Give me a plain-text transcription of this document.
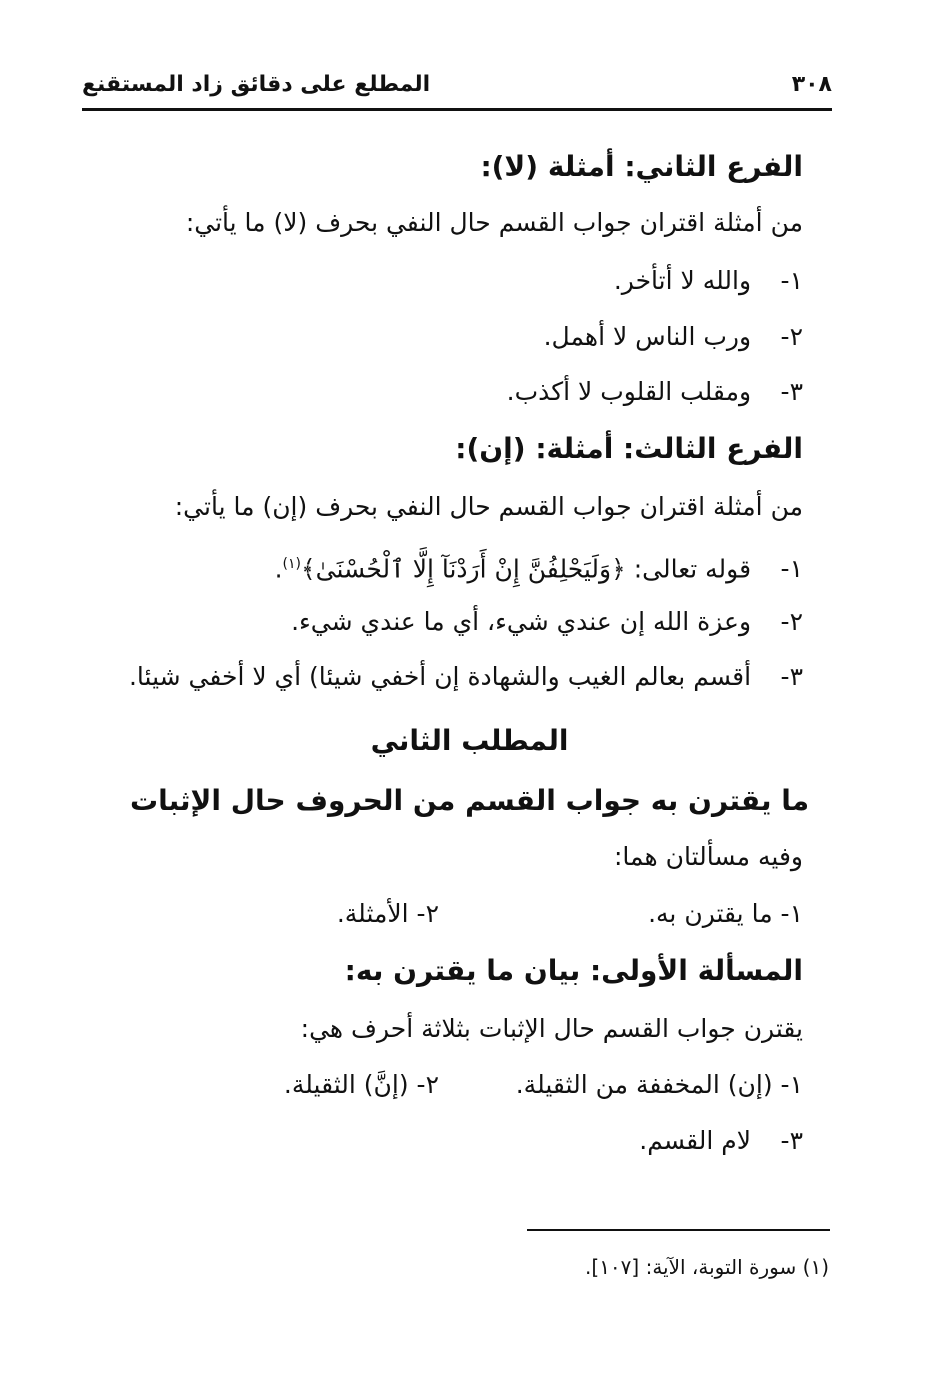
٣٠٨
المطلع على دقائق زاد المستقنع
الفرع الثاني: أمثلة (لا):
من أمثلة اقتران جواب القسم حال النفي بحرف (لا) ما يأتي:
١- والله لا أتأخر.
٢- ورب الناس لا أهمل.
٣- ومقلب القلوب لا أكذب.
الفرع الثالث: أمثلة: (إن):
من أمثلة اقتران جواب القسم حال النفي بحرف (إن) ما يأتي:
١- قوله تعالى: ﴿وَلَيَحْلِفُنَّ إِنْ أَرَدْنَآ إِلَّا ٱلْحُسْنَىٰ﴾$^{(١)}$.
٢- وعزة الله إن عندي شيء، أي ما عندي شيء.
٣- أقسم بعالم الغيب والشهادة إن أخفي شيئا) أي لا أخفي شيئا.
المطلب الثاني
ما يقترن به جواب القسم من الحروف حال الإثبات
وفيه مسألتان هما:
١- ما يقترن به.
٢- الأمثلة.
المسألة الأولى: بيان ما يقترن به:
يقترن جواب القسم حال الإثبات بثلاثة أحرف هي:
١- (إن) المخففة من الثقيلة.
٢- (إنَّ) الثقيلة.
٣- لام القسم.
(١) سورة التوبة، الآية: [١٠٧].
